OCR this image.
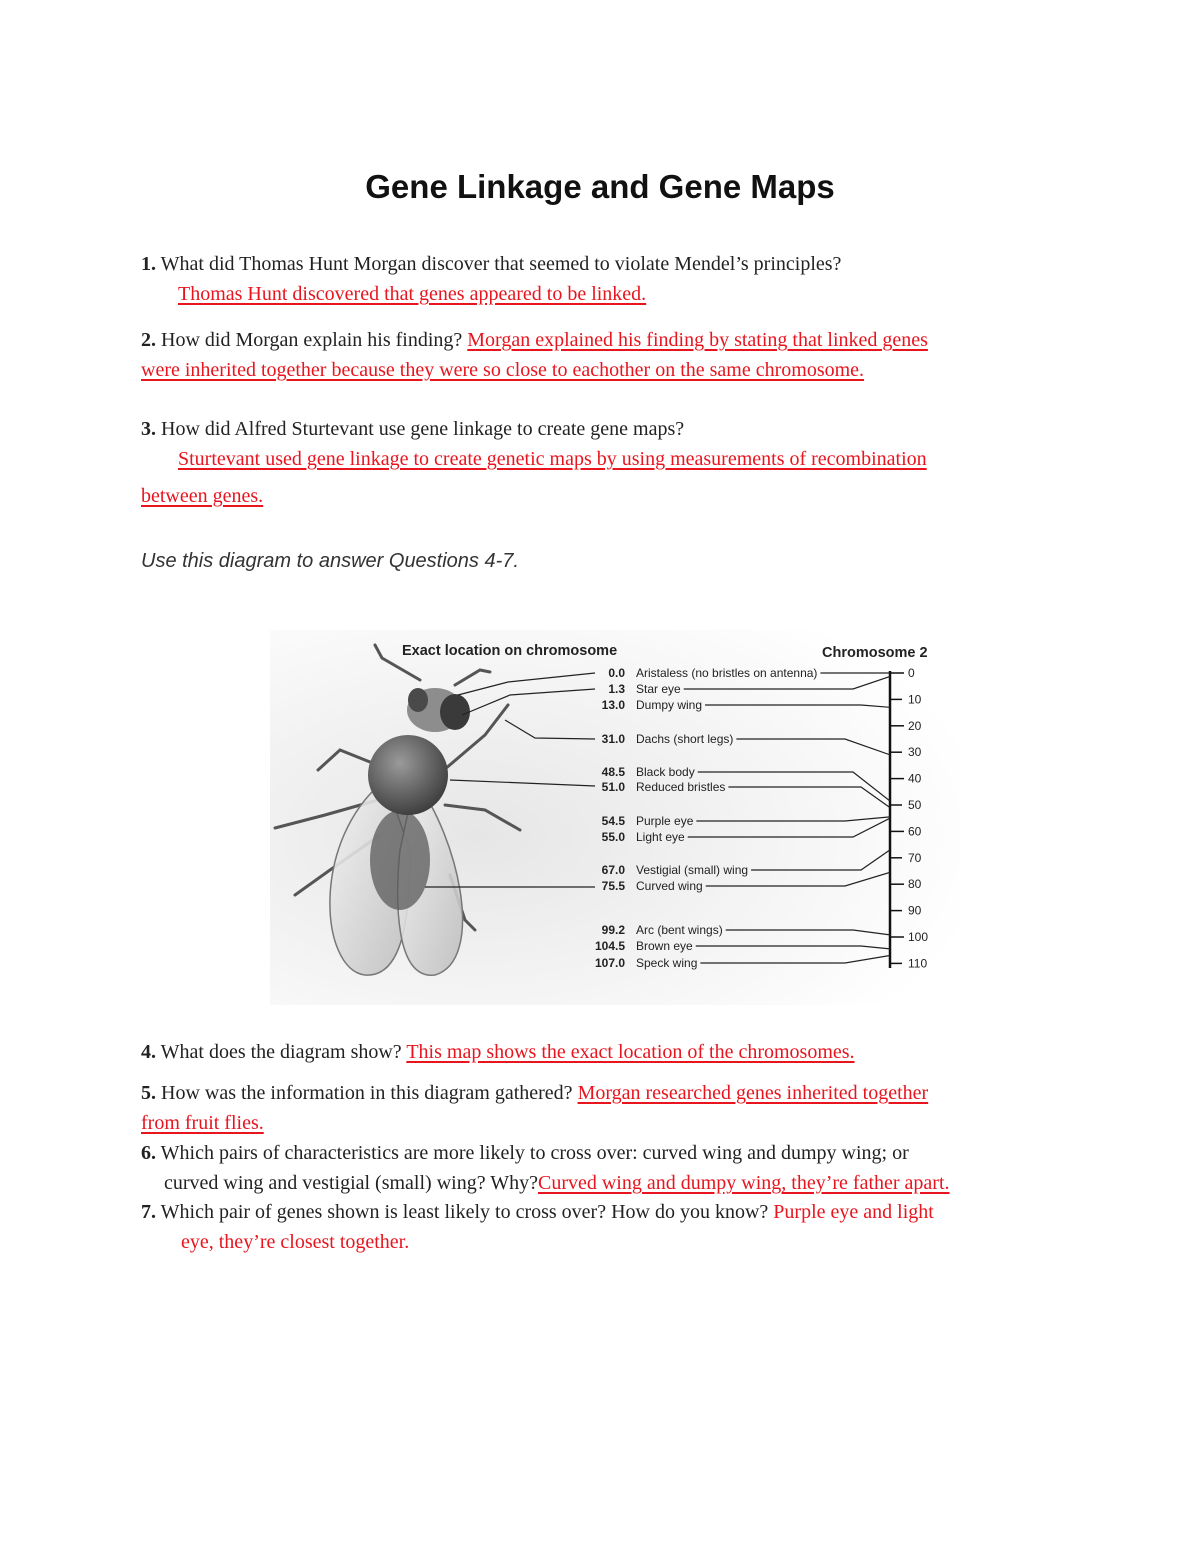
Gene Linkage and Gene Maps
1. What did Thomas Hunt Morgan discover that seemed to violate Mendel’s principles?
Thomas Hunt discovered that genes appeared to be linked.
2. How did Morgan explain his finding? Morgan explained his finding by stating that linked genes
were inherited together because they were so close to eachother on the same chromosome.
3. How did Alfred Sturtevant use gene linkage to create gene maps?
Sturtevant used gene linkage to create genetic maps by using measurements of recombination
between genes.
Use this diagram to answer Questions 4-7.
Exact location on chromosome	Chromosome 2
0.0 Aristaless (no bristles on antenna)
1.3 Star eye
13.0 Dumpy wing
31.0 Dachs (short legs)
48.5 Black body
51.0 Reduced bristles
54.5 Purple eye
55.0 Light eye
67.0 Vestigial (small) wing
75.5 Curved wing
99.2 Arc (bent wings)
104.5 Brown eye
107.0 Speck wing
0
10
20
30
40
50
60
70
80
90
100
110
4. What does the diagram show? This map shows the exact location of the chromosomes.
5. How was the information in this diagram gathered? Morgan researched genes inherited together
from fruit flies.
6. Which pairs of characteristics are more likely to cross over: curved wing and dumpy wing; or
curved wing and vestigial (small) wing? Why?Curved wing and dumpy wing, they’re father apart.
7. Which pair of genes shown is least likely to cross over? How do you know? Purple eye and light
eye, they’re closest together.
